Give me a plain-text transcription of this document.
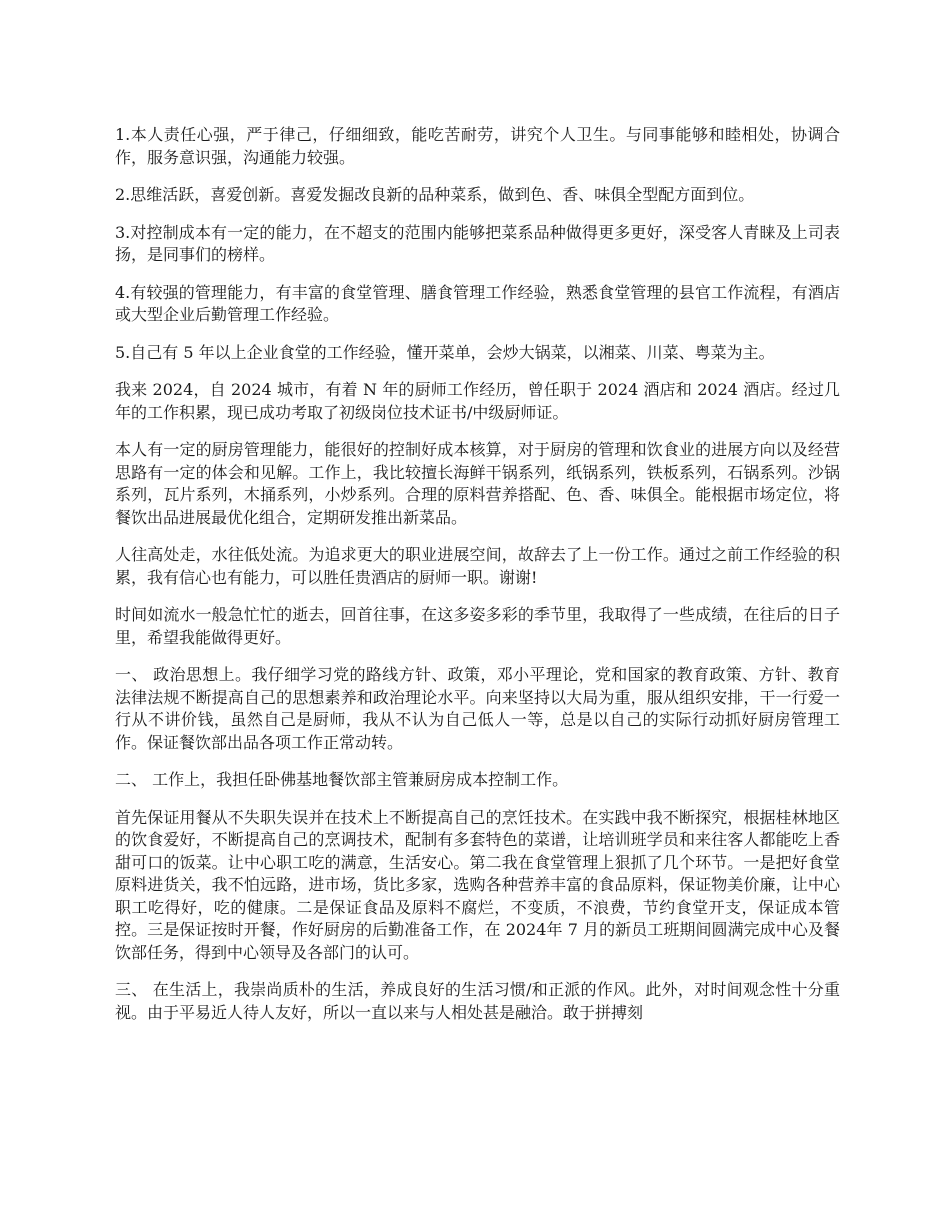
1.本人责任心强，严于律己，仔细细致，能吃苦耐劳，讲究个人卫生。与同事能够和睦相处，协调合作，服务意识强，沟通能力较强。

2.思维活跃，喜爱创新。喜爱发掘改良新的品种菜系，做到色、香、味俱全型配方面到位。

3.对控制成本有一定的能力，在不超支的范围内能够把菜系品种做得更多更好，深受客人青睐及上司表扬，是同事们的榜样。

4.有较强的管理能力，有丰富的食堂管理、膳食管理工作经验，熟悉食堂管理的县官工作流程，有酒店或大型企业后勤管理工作经验。

5.自己有 5 年以上企业食堂的工作经验，懂开菜单，会炒大锅菜，以湘菜、川菜、粤菜为主。

我来 2024，自 2024 城市，有着 N 年的厨师工作经历，曾任职于 2024 酒店和 2024 酒店。经过几年的工作积累，现已成功考取了初级岗位技术证书/中级厨师证。

本人有一定的厨房管理能力，能很好的控制好成本核算，对于厨房的管理和饮食业的进展方向以及经营思路有一定的体会和见解。工作上，我比较擅长海鲜干锅系列，纸锅系列，铁板系列，石锅系列。沙锅系列，瓦片系列，木捅系列，小炒系列。合理的原料营养搭配、色、香、味俱全。能根据市场定位，将餐饮出品进展最优化组合，定期研发推出新菜品。

人往高处走，水往低处流。为追求更大的职业进展空间，故辞去了上一份工作。通过之前工作经验的积累，我有信心也有能力，可以胜任贵酒店的厨师一职。谢谢!

时间如流水一般急忙忙的逝去，回首往事，在这多姿多彩的季节里，我取得了一些成绩，在往后的日子里，希望我能做得更好。

一、 政治思想上。我仔细学习党的路线方针、政策，邓小平理论，党和国家的教育政策、方针、教育法律法规不断提高自己的思想素养和政治理论水平。向来坚持以大局为重，服从组织安排，干一行爱一行从不讲价钱，虽然自己是厨师，我从不认为自己低人一等，总是以自己的实际行动抓好厨房管理工作。保证餐饮部出品各项工作正常动转。

二、 工作上，我担任卧佛基地餐饮部主管兼厨房成本控制工作。

首先保证用餐从不失职失误并在技术上不断提高自己的烹饪技术。在实践中我不断探究，根据桂林地区的饮食爱好，不断提高自己的烹调技术，配制有多套特色的菜谱，让培训班学员和来往客人都能吃上香甜可口的饭菜。让中心职工吃的满意，生活安心。第二我在食堂管理上狠抓了几个环节。一是把好食堂原料进货关，我不怕远路，进市场，货比多家，选购各种营养丰富的食品原料，保证物美价廉，让中心职工吃得好，吃的健康。二是保证食品及原料不腐烂，不变质，不浪费，节约食堂开支，保证成本管控。三是保证按时开餐，作好厨房的后勤准备工作，在 2024年 7 月的新员工班期间圆满完成中心及餐饮部任务，得到中心领导及各部门的认可。

三、 在生活上，我崇尚质朴的生活，养成良好的生活习惯/和正派的作风。此外，对时间观念性十分重视。由于平易近人待人友好，所以一直以来与人相处甚是融洽。敢于拼搏刻
